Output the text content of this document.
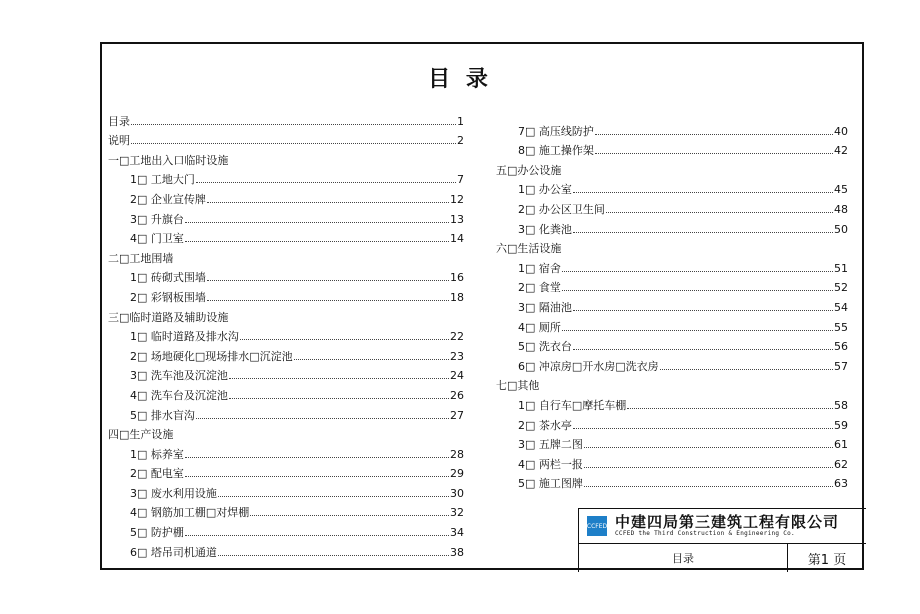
目 录
目录	1
说明	2
一□工地出入口临时设施
1□ 工地大门	7
2□ 企业宣传牌	12
3□ 升旗台	13
4□ 门卫室	14
二□工地围墙
1□ 砖砌式围墙	16
2□ 彩钢板围墙	18
三□临时道路及辅助设施
1□ 临时道路及排水沟	22
2□ 场地硬化□现场排水□沉淀池	23
3□ 洗车池及沉淀池	24
4□ 洗车台及沉淀池	26
5□ 排水盲沟	27
四□生产设施
1□ 标养室	28
2□ 配电室	29
3□ 废水利用设施	30
4□ 钢筋加工棚□对焊棚	32
5□ 防护棚	34
6□ 塔吊司机通道	38
7□ 高压线防护	40
8□ 施工操作架	42
五□办公设施
1□ 办公室	45
2□ 办公区卫生间	48
3□ 化粪池	50
六□生活设施
1□ 宿舍	51
2□ 食堂	52
3□ 隔油池	54
4□ 厕所	55
5□ 洗衣台	56
6□ 冲凉房□开水房□洗衣房	57
七□其他
1□ 自行车□摩托车棚	58
2□ 茶水亭	59
3□ 五牌二图	61
4□ 两栏一报	62
5□ 施工图牌	63
CCFED 中建四局第三建筑工程有限公司
CCFED the Third Construction & Engineering Co.
目录	第1 页
